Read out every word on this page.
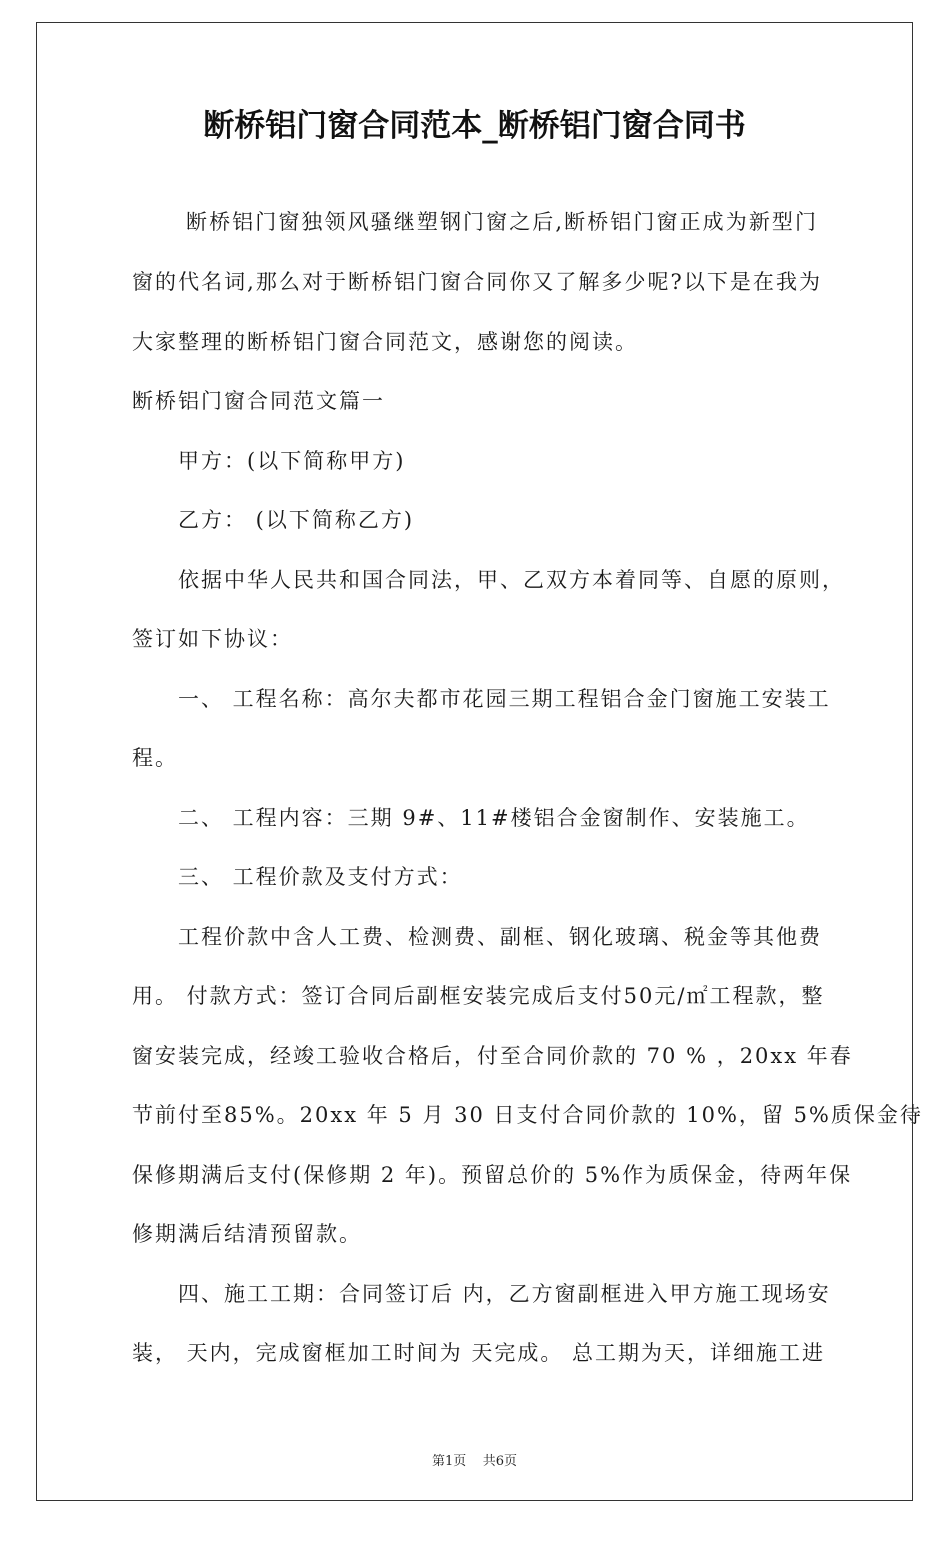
断桥铝门窗合同范本_断桥铝门窗合同书
断桥铝门窗独领风骚继塑钢门窗之后,断桥铝门窗正成为新型门
窗的代名词,那么对于断桥铝门窗合同你又了解多少呢?以下是在我为
大家整理的断桥铝门窗合同范文，感谢您的阅读。
断桥铝门窗合同范文篇一
甲方：(以下简称甲方)
乙方： (以下简称乙方)
依据中华人民共和国合同法，甲、乙双方本着同等、自愿的原则，
签订如下协议：
一、 工程名称：高尔夫都市花园三期工程铝合金门窗施工安装工
程。
二、 工程内容：三期 9#、11#楼铝合金窗制作、安装施工。
三、 工程价款及支付方式：
工程价款中含人工费、检测费、副框、钢化玻璃、税金等其他费
用。 付款方式：签订合同后副框安装完成后支付50元/㎡工程款，整
窗安装完成，经竣工验收合格后，付至合同价款的 70 % ，20xx 年春
节前付至85%。20xx 年 5 月 30 日支付合同价款的 10%，留 5%质保金待
保修期满后支付(保修期 2 年)。预留总价的 5%作为质保金，待两年保
修期满后结清预留款。
四、施工工期：合同签订后 内，乙方窗副框进入甲方施工现场安
装， 天内，完成窗框加工时间为 天完成。 总工期为天，详细施工进
第1页    共6页
